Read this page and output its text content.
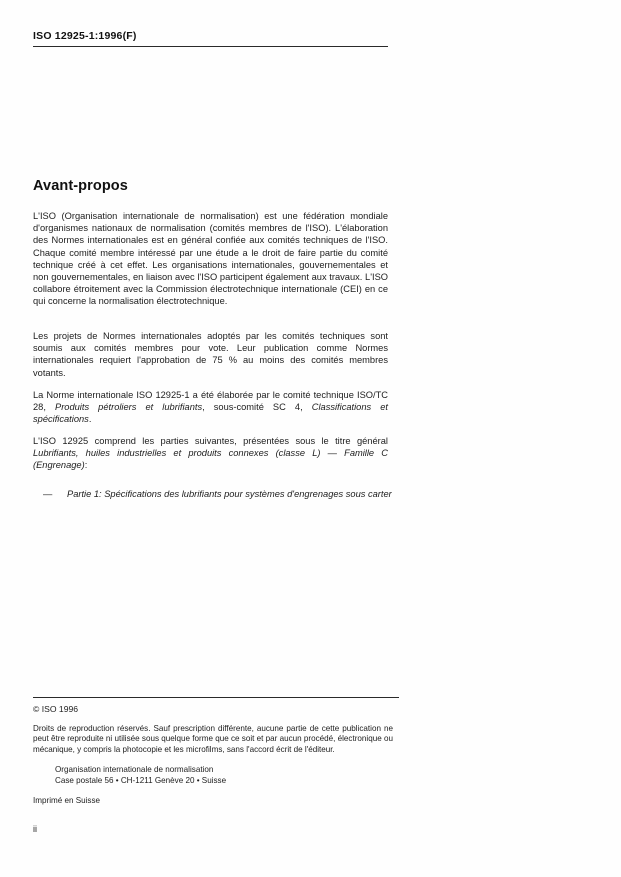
ISO 12925-1:1996(F)
Avant-propos

L'ISO (Organisation internationale de normalisation) est une fédération mondiale d'organismes nationaux de normalisation (comités membres de l'ISO). L'élaboration des Normes internationales est en général confiée aux comités techniques de l'ISO. Chaque comité membre intéressé par une étude a le droit de faire partie du comité technique créé à cet effet. Les organisations internationales, gouvernementales et non gouvernementales, en liaison avec l'ISO participent également aux travaux. L'ISO collabore étroitement avec la Commission électrotechnique internationale (CEI) en ce qui concerne la normalisation électrotechnique.

Les projets de Normes internationales adoptés par les comités techniques sont soumis aux comités membres pour vote. Leur publication comme Normes internationales requiert l'approbation de 75 % au moins des comités membres votants.

La Norme internationale ISO 12925-1 a été élaborée par le comité technique ISO/TC 28, Produits pétroliers et lubrifiants, sous-comité SC 4, Classifications et spécifications.

L'ISO 12925 comprend les parties suivantes, présentées sous le titre général Lubrifiants, huiles industrielles et produits connexes (classe L) — Famille C (Engrenage):

— Partie 1: Spécifications des lubrifiants pour systèmes d'engrenages sous carter
© ISO 1996
Droits de reproduction réservés. Sauf prescription différente, aucune partie de cette publication ne peut être reproduite ni utilisée sous quelque forme que ce soit et par aucun procédé, électronique ou mécanique, y compris la photocopie et les microfilms, sans l'accord écrit de l'éditeur.
Organisation internationale de normalisation
Case postale 56 • CH-1211 Genève 20 • Suisse
Imprimé en Suisse
ii
